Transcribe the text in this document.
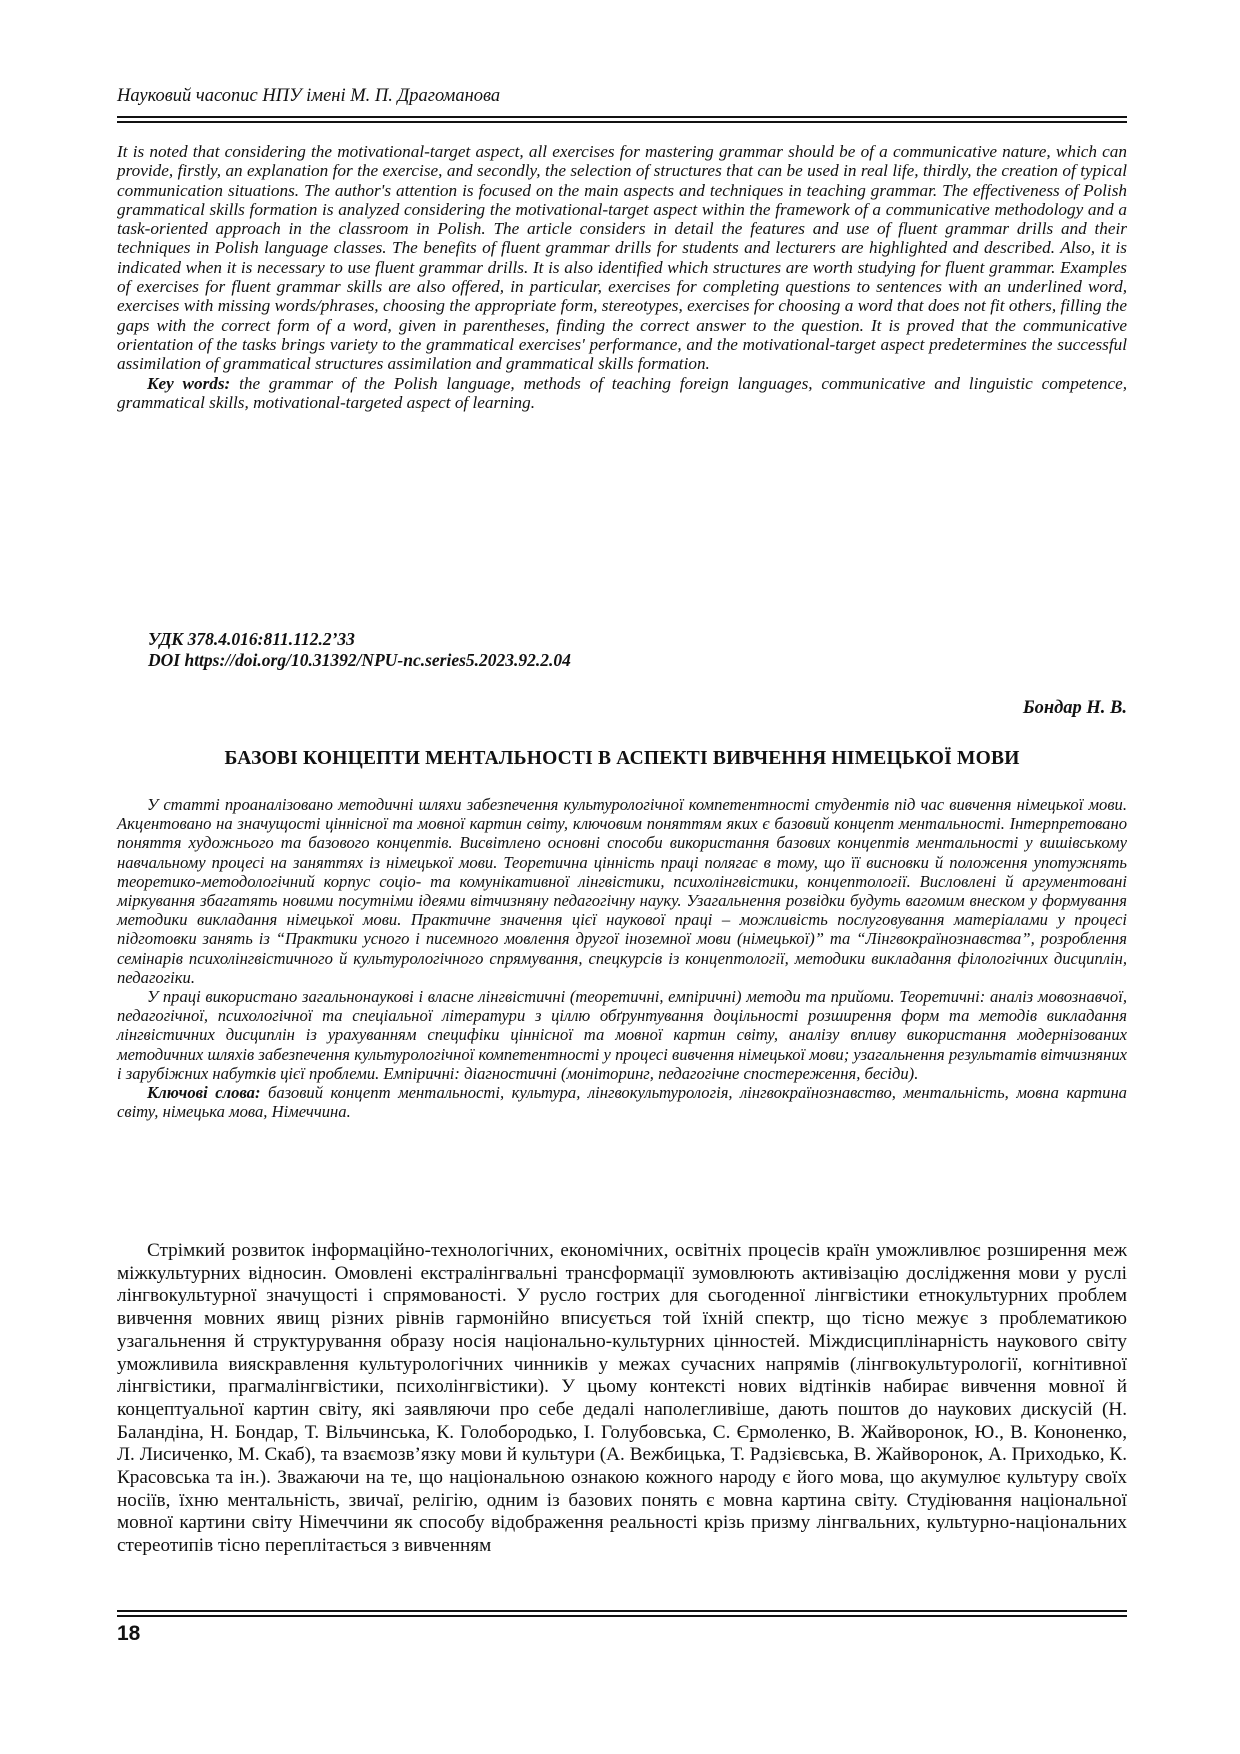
Науковий часопис НПУ імені М. П. Драгоманова

It is noted that considering the motivational-target aspect, all exercises for mastering grammar should be of a communicative nature, which can provide, firstly, an explanation for the exercise, and secondly, the selection of structures that can be used in real life, thirdly, the creation of typical communication situations. The author's attention is focused on the main aspects and techniques in teaching grammar. The effectiveness of Polish grammatical skills formation is analyzed considering the motivational-target aspect within the framework of a communicative methodology and a task-oriented approach in the classroom in Polish. The article considers in detail the features and use of fluent grammar drills and their techniques in Polish language classes. The benefits of fluent grammar drills for students and lecturers are highlighted and described. Also, it is indicated when it is necessary to use fluent grammar drills. It is also identified which structures are worth studying for fluent grammar. Examples of exercises for fluent grammar skills are also offered, in particular, exercises for completing questions to sentences with an underlined word, exercises with missing words/phrases, choosing the appropriate form, stereotypes, exercises for choosing a word that does not fit others, filling the gaps with the correct form of a word, given in parentheses, finding the correct answer to the question. It is proved that the communicative orientation of the tasks brings variety to the grammatical exercises' performance, and the motivational-target aspect predetermines the successful assimilation of grammatical structures assimilation and grammatical skills formation.

Key words: the grammar of the Polish language, methods of teaching foreign languages, communicative and linguistic competence, grammatical skills, motivational-targeted aspect of learning.

УДК 378.4.016:811.112.2’33
DOI https://doi.org/10.31392/NPU-nc.series5.2023.92.2.04
Бондар Н. В.
БАЗОВІ КОНЦЕПТИ МЕНТАЛЬНОСТІ В АСПЕКТІ ВИВЧЕННЯ НІМЕЦЬКОЇ МОВИ

У статті проаналізовано методичні шляхи забезпечення культурологічної компетентності студентів під час вивчення німецької мови. Акцентовано на значущості ціннісної та мовної картин світу, ключовим поняттям яких є базовий концепт ментальності. Інтерпретовано поняття художнього та базового концептів. Висвітлено основні способи використання базових концептів ментальності у вишівському навчальному процесі на заняттях із німецької мови. Теоретична цінність праці полягає в тому, що її висновки й положення употужнять теоретико-методологічний корпус соціо- та комунікативної лінгвістики, психолінгвістики, концептології. Висловлені й аргументовані міркування збагатять новими посутніми ідеями вітчизняну педагогічну науку. Узагальнення розвідки будуть вагомим внеском у формування методики викладання німецької мови. Практичне значення цієї наукової праці – можливість послуговування матеріалами у процесі підготовки занять із “Практики усного і писемного мовлення другої іноземної мови (німецької)” та “Лінгвокраїнознавства”, розроблення семінарів психолінгвістичного й культурологічного спрямування, спецкурсів із концептології, методики викладання філологічних дисциплін, педагогіки.

У праці використано загальнонаукові і власне лінгвістичні (теоретичні, емпіричні) методи та прийоми. Теоретичні: аналіз мовознавчої, педагогічної, психологічної та спеціальної літератури з ціллю обґрунтування доцільності розширення форм та методів викладання лінгвістичних дисциплін із урахуванням специфіки ціннісної та мовної картин світу, аналізу впливу використання модернізованих методичних шляхів забезпечення культурологічної компетентності у процесі вивчення німецької мови; узагальнення результатів вітчизняних і зарубіжних набутків цієї проблеми. Емпіричні: діагностичні (моніторинг, педагогічне спостереження, бесіди).

Ключові слова: базовий концепт ментальності, культура, лінгвокультурологія, лінгвокраїнознавство, ментальність, мовна картина світу, німецька мова, Німеччина.

Стрімкий розвиток інформаційно-технологічних, економічних, освітніх процесів країн уможливлює розширення меж міжкультурних відносин. Омовлені екстралінгвальні трансформації зумовлюють активізацію дослідження мови у руслі лінгвокультурної значущості і спрямованості. У русло гострих для сьогоденної лінгвістики етнокультурних проблем вивчення мовних явищ різних рівнів гармонійно вписується той їхній спектр, що тісно межує з проблематикою узагальнення й структурування образу носія національно-культурних цінностей. Міждисциплінарність наукового світу уможливила вияскравлення культурологічних чинників у межах сучасних напрямів (лінгвокультурології, когнітивної лінгвістики, прагмалінгвістики, психолінгвістики). У цьому контексті нових відтінків набирає вивчення мовної й концептуальної картин світу, які заявляючи про себе дедалі наполегливіше, дають поштов до наукових дискусій (Н. Баландіна, Н. Бондар, Т. Вільчинська, К. Голобородько, І. Голубовська, С. Єрмоленко, В. Жайворонок, Ю., В. Кононенко, Л. Лисиченко, М. Скаб), та взаємозв’язку мови й культури (А. Вежбицька, Т. Радзієвська, В. Жайворонок, А. Приходько, К. Красовська та ін.). Зважаючи на те, що національною ознакою кожного народу є його мова, що акумулює культуру своїх носіїв, їхню ментальність, звичаї, релігію, одним із базових понять є мовна картина світу. Студіювання національної мовної картини світу Німеччини як способу відображення реальності крізь призму лінгвальних, культурно-національних стереотипів тісно переплітається з вивченням

18
